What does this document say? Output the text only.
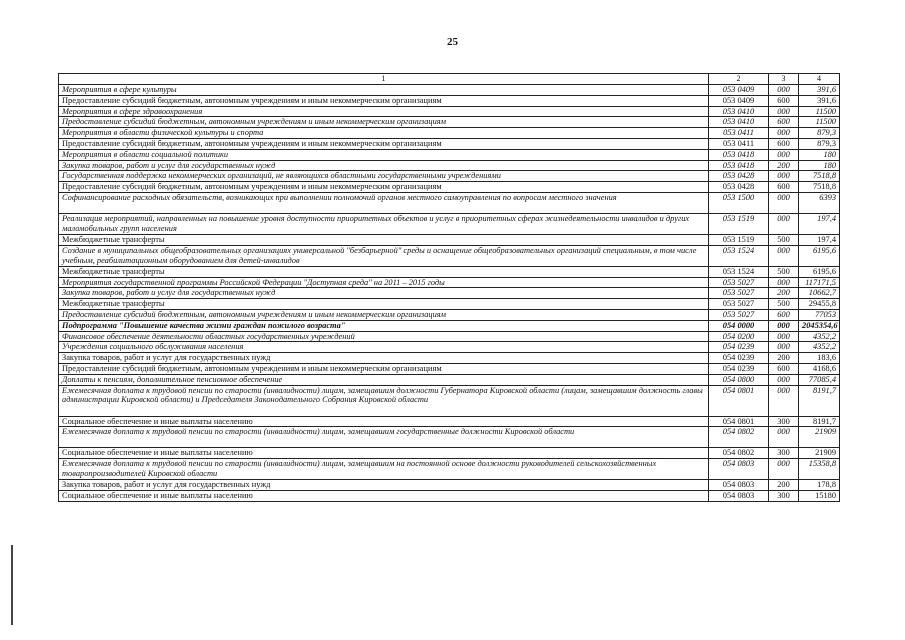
25
1	2	3	4
Мероприятия в сфере культуры	053 0409	000	391,6
Предоставление субсидий бюджетным, автономным учреждениям и иным некоммерческим организациям	053 0409	600	391,6
Мероприятия в сфере здравоохранения	053 0410	000	11500
Предоставление субсидий бюджетным, автономным учреждениям и иным некоммерческим организациям	053 0410	600	11500
Мероприятия в области физической культуры и спорта	053 0411	000	879,3
Предоставление субсидий бюджетным, автономным учреждениям и иным некоммерческим организациям	053 0411	600	879,3
Мероприятия в области социальной политики	053 0418	000	180
Закупка товаров, работ и услуг для государственных нужд	053 0418	200	180
Государственная поддержка некоммерческих организаций, не являющихся областными государственными учреждениями	053 0428	000	7518,8
Предоставление субсидий бюджетным, автономным учреждениям и иным некоммерческим организациям	053 0428	600	7518,8
Софинансирование расходных обязательств, возникающих при выполнении полномочий органов местного самоуправления по вопросам местного значения	053 1500	000	6393
Реализация мероприятий, направленных на повышение уровня доступности приоритетных объектов и услуг в приоритетных сферах жизнедеятельности инвалидов и других маломобильных групп населения	053 1519	000	197,4
Межбюджетные трансферты	053 1519	500	197,4
Создание в муниципальных общеобразовательных организациях универсальной "безбарьерной" среды и оснащение общеобразовательных организаций специальным, в том числе учебным, реабилитационным оборудованием для детей-инвалидов	053 1524	000	6195,6
Межбюджетные трансферты	053 1524	500	6195,6
Мероприятия государственной программы Российской Федерации "Доступная среда" на 2011 – 2015 годы	053 5027	000	117171,5
Закупка товаров, работ и услуг для государственных нужд	053 5027	200	10662,7
Межбюджетные трансферты	053 5027	500	29455,8
Предоставление субсидий бюджетным, автономным учреждениям и иным некоммерческим организациям	053 5027	600	77053
Подпрограмма "Повышение качества жизни граждан пожилого возраста"	054 0000	000	2045354,6
Финансовое обеспечение деятельности областных государственных учреждений	054 0200	000	4352,2
Учреждения социального обслуживания населения	054 0239	000	4352,2
Закупка товаров, работ и услуг для государственных нужд	054 0239	200	183,6
Предоставление субсидий бюджетным, автономным учреждениям и иным некоммерческим организациям	054 0239	600	4168,6
Доплаты к пенсиям, дополнительное пенсионное обеспечение	054 0800	000	77085,4
Ежемесячная доплата к трудовой пенсии по старости (инвалидности) лицам, замещавшим должности Губернатора Кировской области (лицам, замещавшим должность главы администрации Кировской области) и Председателя Законодательного Собрания Кировской области	054 0801	000	8191,7
Социальное обеспечение и иные выплаты населению	054 0801	300	8191,7
Ежемесячная доплата к трудовой пенсии по старости (инвалидности) лицам, замещавшим государственные должности Кировской области	054 0802	000	21909
Социальное обеспечение и иные выплаты населению	054 0802	300	21909
Ежемесячная доплата к трудовой пенсии по старости (инвалидности) лицам, замещавшим на постоянной основе должности руководителей сельскохозяйственных товаропроизводителей Кировской области	054 0803	000	15358,8
Закупка товаров, работ и услуг для государственных нужд	054 0803	200	178,8
Социальное обеспечение и иные выплаты населению	054 0803	300	15180
